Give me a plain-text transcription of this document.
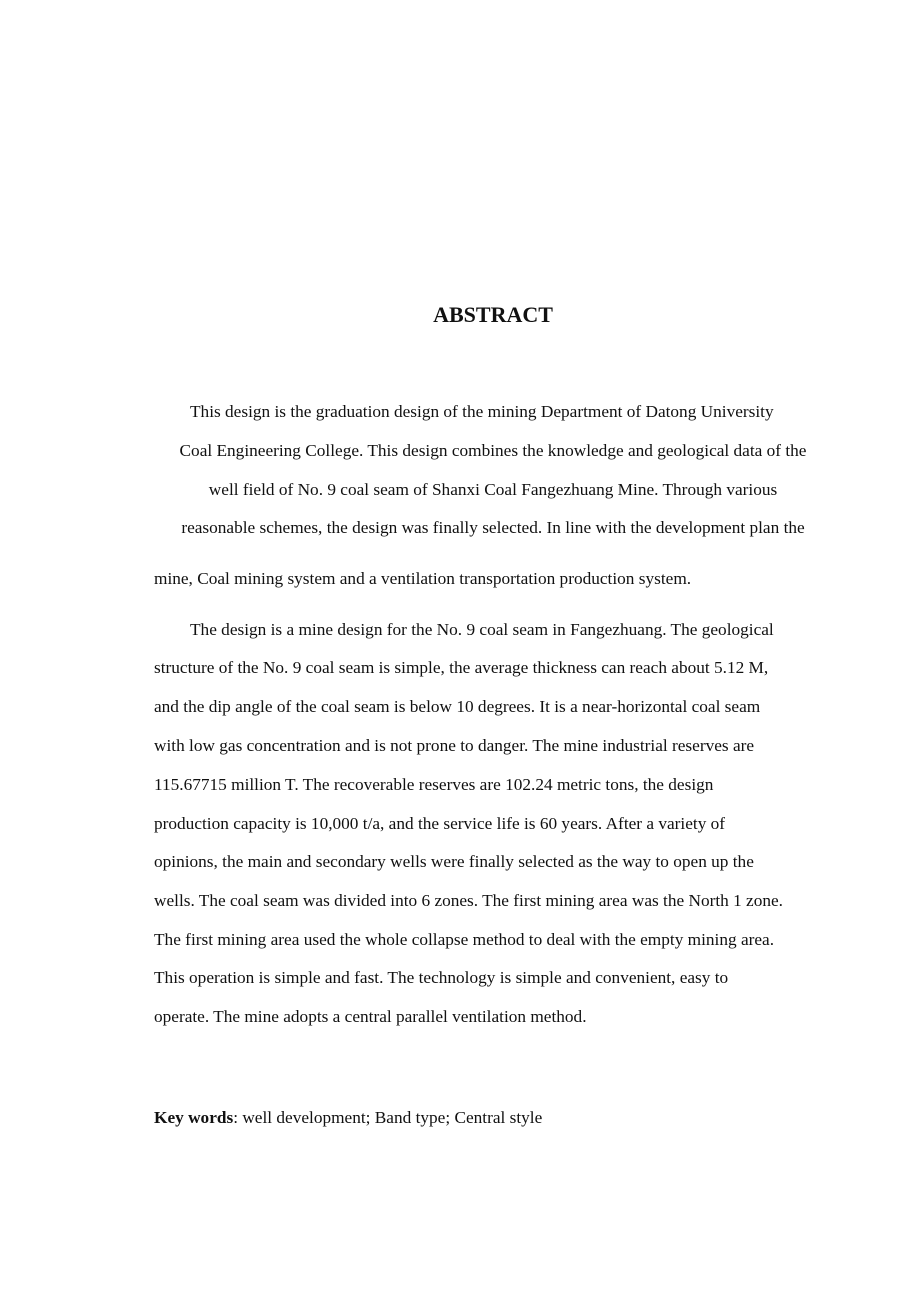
ABSTRACT

This design is the graduation design of the mining Department of Datong University

Coal Engineering College. This design combines the knowledge and geological data of the

well field of No. 9 coal seam of Shanxi Coal Fangezhuang Mine. Through various

reasonable schemes, the design was finally selected. In line with the development plan the

mine, Coal mining system and a ventilation transportation production system.

The design is a mine design for the No. 9 coal seam in Fangezhuang. The geological

structure of the No. 9 coal seam is simple, the average thickness can reach about 5.12 M,

and the dip angle of the coal seam is below 10 degrees. It is a near-horizontal coal seam

with low gas concentration and is not prone to danger. The mine industrial reserves are

115.67715 million T. The recoverable reserves are 102.24 metric tons, the design

production capacity is 10,000 t/a, and the service life is 60 years. After a variety of

opinions, the main and secondary wells were finally selected as the way to open up the

wells. The coal seam was divided into 6 zones. The first mining area was the North 1 zone.

The first mining area used the whole collapse method to deal with the empty mining area.

This operation is simple and fast. The technology is simple and convenient, easy to

operate. The mine adopts a central parallel ventilation method.

Key words: well development; Band type; Central style
